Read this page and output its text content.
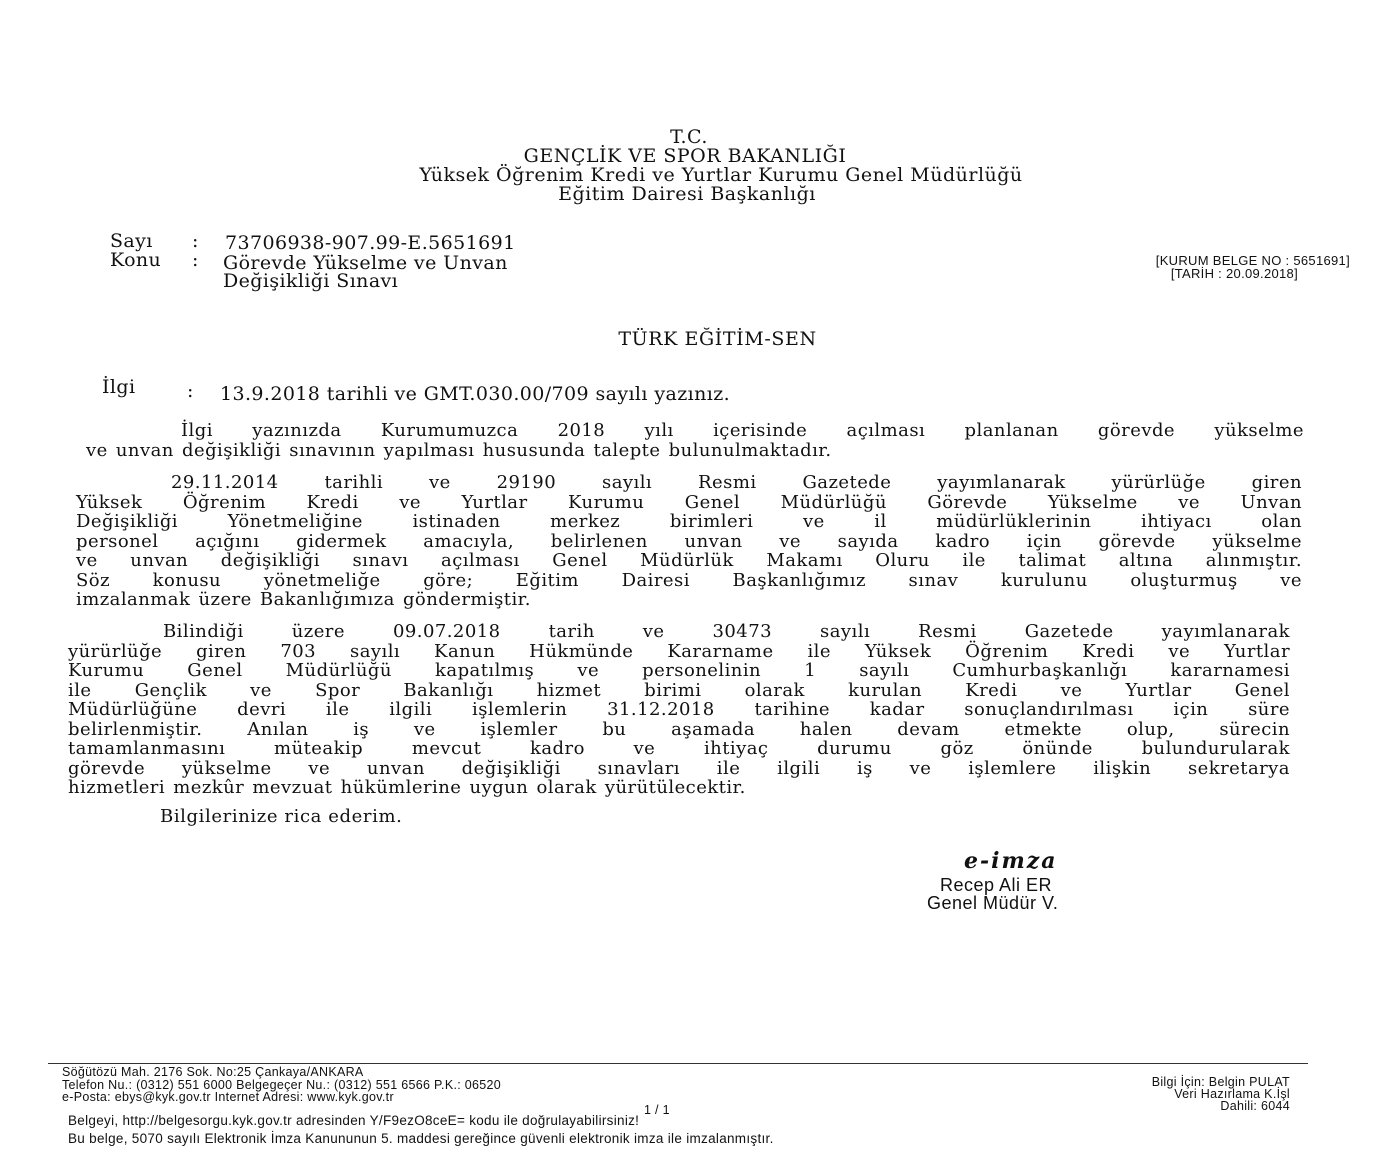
T.C.
GENÇLİK VE SPOR BAKANLIĞI
Yüksek Öğrenim Kredi ve Yurtlar Kurumu Genel Müdürlüğü
Eğitim Dairesi Başkanlığı
Sayı : 73706938-907.99-E.5651691
Konu : Görevde Yükselme ve Unvan
Değişikliği Sınavı
[KURUM BELGE NO : 5651691]
[TARİH : 20.09.2018]
TÜRK EĞİTİM-SEN
İlgi	: 13.9.2018 tarihli ve GMT.030.00/709 sayılı yazınız.
İlgi yazınızda Kurumumuzca 2018 yılı içerisinde açılması planlanan görevde yükselme
ve unvan değişikliği sınavının yapılması hususunda talepte bulunulmaktadır.
29.11.2014 tarihli ve 29190 sayılı Resmi Gazetede yayımlanarak yürürlüğe giren
Yüksek Öğrenim Kredi ve Yurtlar Kurumu Genel Müdürlüğü Görevde Yükselme ve Unvan
Değişikliği Yönetmeliğine istinaden merkez birimleri ve il müdürlüklerinin ihtiyacı olan
personel açığını gidermek amacıyla, belirlenen unvan ve sayıda kadro için görevde yükselme
ve unvan değişikliği sınavı açılması Genel Müdürlük Makamı Oluru ile talimat altına alınmıştır.
Söz konusu yönetmeliğe göre; Eğitim Dairesi Başkanlığımız sınav kurulunu oluşturmuş ve
imzalanmak üzere Bakanlığımıza göndermiştir.
Bilindiği üzere 09.07.2018 tarih ve 30473 sayılı Resmi Gazetede yayımlanarak
yürürlüğe giren 703 sayılı Kanun Hükmünde Kararname ile Yüksek Öğrenim Kredi ve Yurtlar
Kurumu Genel Müdürlüğü kapatılmış ve personelinin 1 sayılı Cumhurbaşkanlığı kararnamesi
ile Gençlik ve Spor Bakanlığı hizmet birimi olarak kurulan Kredi ve Yurtlar Genel
Müdürlüğüne devri ile ilgili işlemlerin 31.12.2018 tarihine kadar sonuçlandırılması için süre
belirlenmiştir. Anılan iş ve işlemler bu aşamada halen devam etmekte olup, sürecin
tamamlanmasını müteakip mevcut kadro ve ihtiyaç durumu göz önünde bulundurularak
görevde yükselme ve unvan değişikliği sınavları ile ilgili iş ve işlemlere ilişkin sekretarya
hizmetleri mezkûr mevzuat hükümlerine uygun olarak yürütülecektir.
Bilgilerinize rica ederim.
e-imza
Recep Ali ER
Genel Müdür V.
Söğütözü Mah. 2176 Sok. No:25 Çankaya/ANKARA
Telefon Nu.: (0312) 551 6000 Belgegeçer Nu.: (0312) 551 6566 P.K.: 06520
e-Posta: ebys@kyk.gov.tr Internet Adresi: www.kyk.gov.tr
Bilgi İçin: Belgin PULAT
Veri Hazırlama K.İşl
Dahili: 6044
1 / 1
Belgeyi, http://belgesorgu.kyk.gov.tr adresinden Y/F9ezO8ceE= kodu ile doğrulayabilirsiniz!
Bu belge, 5070 sayılı Elektronik İmza Kanununun 5. maddesi gereğince güvenli elektronik imza ile imzalanmıştır.
